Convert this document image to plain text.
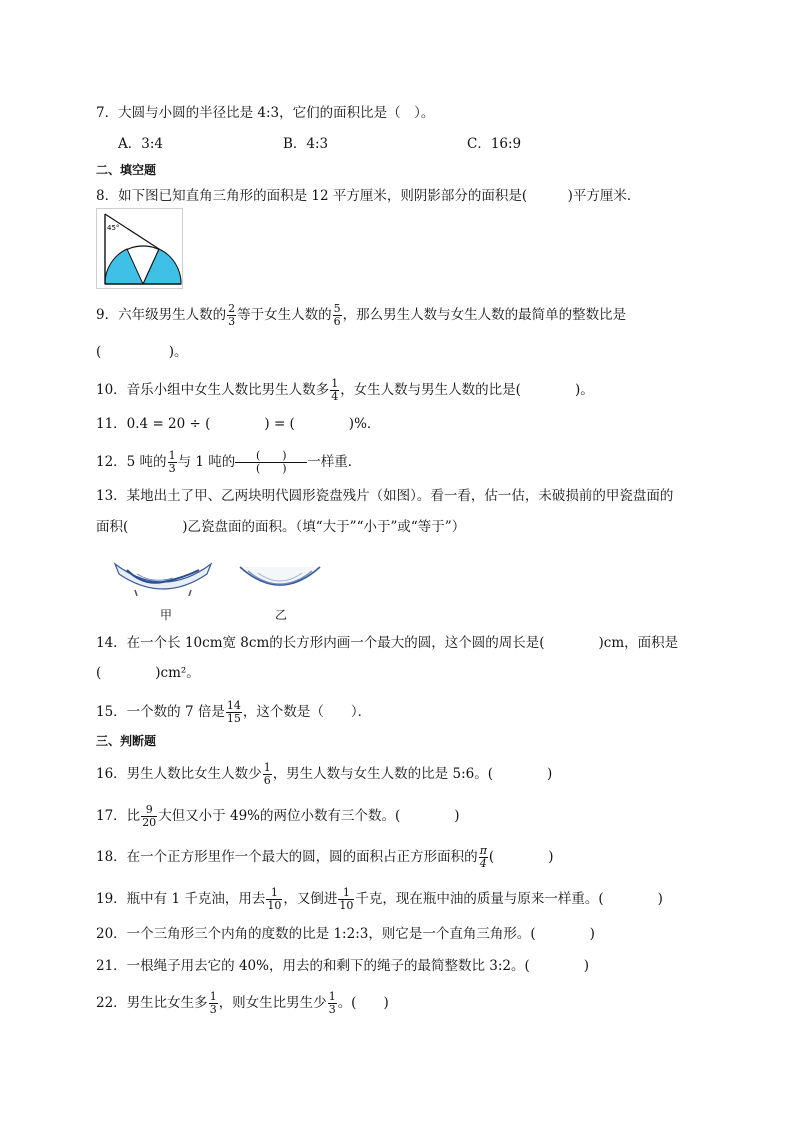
7．大圆与小圆的半径比是 4:3，它们的面积比是（　）。
A．3:4	B．4:3	C．16:9
二、填空题
8．如下图已知直角三角形的面积是 12 平方厘米，则阴影部分的面积是(　　　)平方厘米．
45°
9．六年级男生人数的 $\frac{2}{3}$ 等于女生人数的 $\frac{5}{6}$ ，那么男生人数与女生人数的最简单的整数比是
(　　　　　)。
10．音乐小组中女生人数比男生人数多 $\frac{1}{4}$ ，女生人数与男生人数的比是(　　　　)。
11．0.4 = 20 ÷ (　　　　) = (　　　　)%．
12．5 吨的 $\frac{1}{3}$ 与 1 吨的 $\frac{( )}{( )}$ 一样重．
13．某地出土了甲、乙两块明代圆形瓷盘残片（如图）。看一看，估一估，未破损前的甲瓷盘面的
面积(　　　　)乙瓷盘面的面积。（填“大于”“小于”或“等于”）
甲	乙
14．在一个长 10cm宽 8cm的长方形内画一个最大的圆，这个圆的周长是(　　　　)cm，面积是
(　　　　)cm²。
15．一个数的 7 倍是 $\frac{14}{15}$ ，这个数是（　　）．
三、判断题
16．男生人数比女生人数少 $\frac{1}{6}$ ，男生人数与女生人数的比是 5:6。(　　　　)
17．比 $\frac{9}{20}$ 大但又小于 49%的两位小数有三个数。(　　　　)
18．在一个正方形里作一个最大的圆，圆的面积占正方形面积的 $\frac{\pi}{4}$ (　　　　)
19．瓶中有 1 千克油，用去 $\frac{1}{10}$ ，又倒进 $\frac{1}{10}$ 千克，现在瓶中油的质量与原来一样重。(　　　　)
20．一个三角形三个内角的度数的比是 1:2:3，则它是一个直角三角形。(　　　　)
21．一根绳子用去它的 40%，用去的和剩下的绳子的最简整数比 3:2。(　　　　)
22．男生比女生多 $\frac{1}{3}$ ，则女生比男生少 $\frac{1}{3}$ 。(　　)
